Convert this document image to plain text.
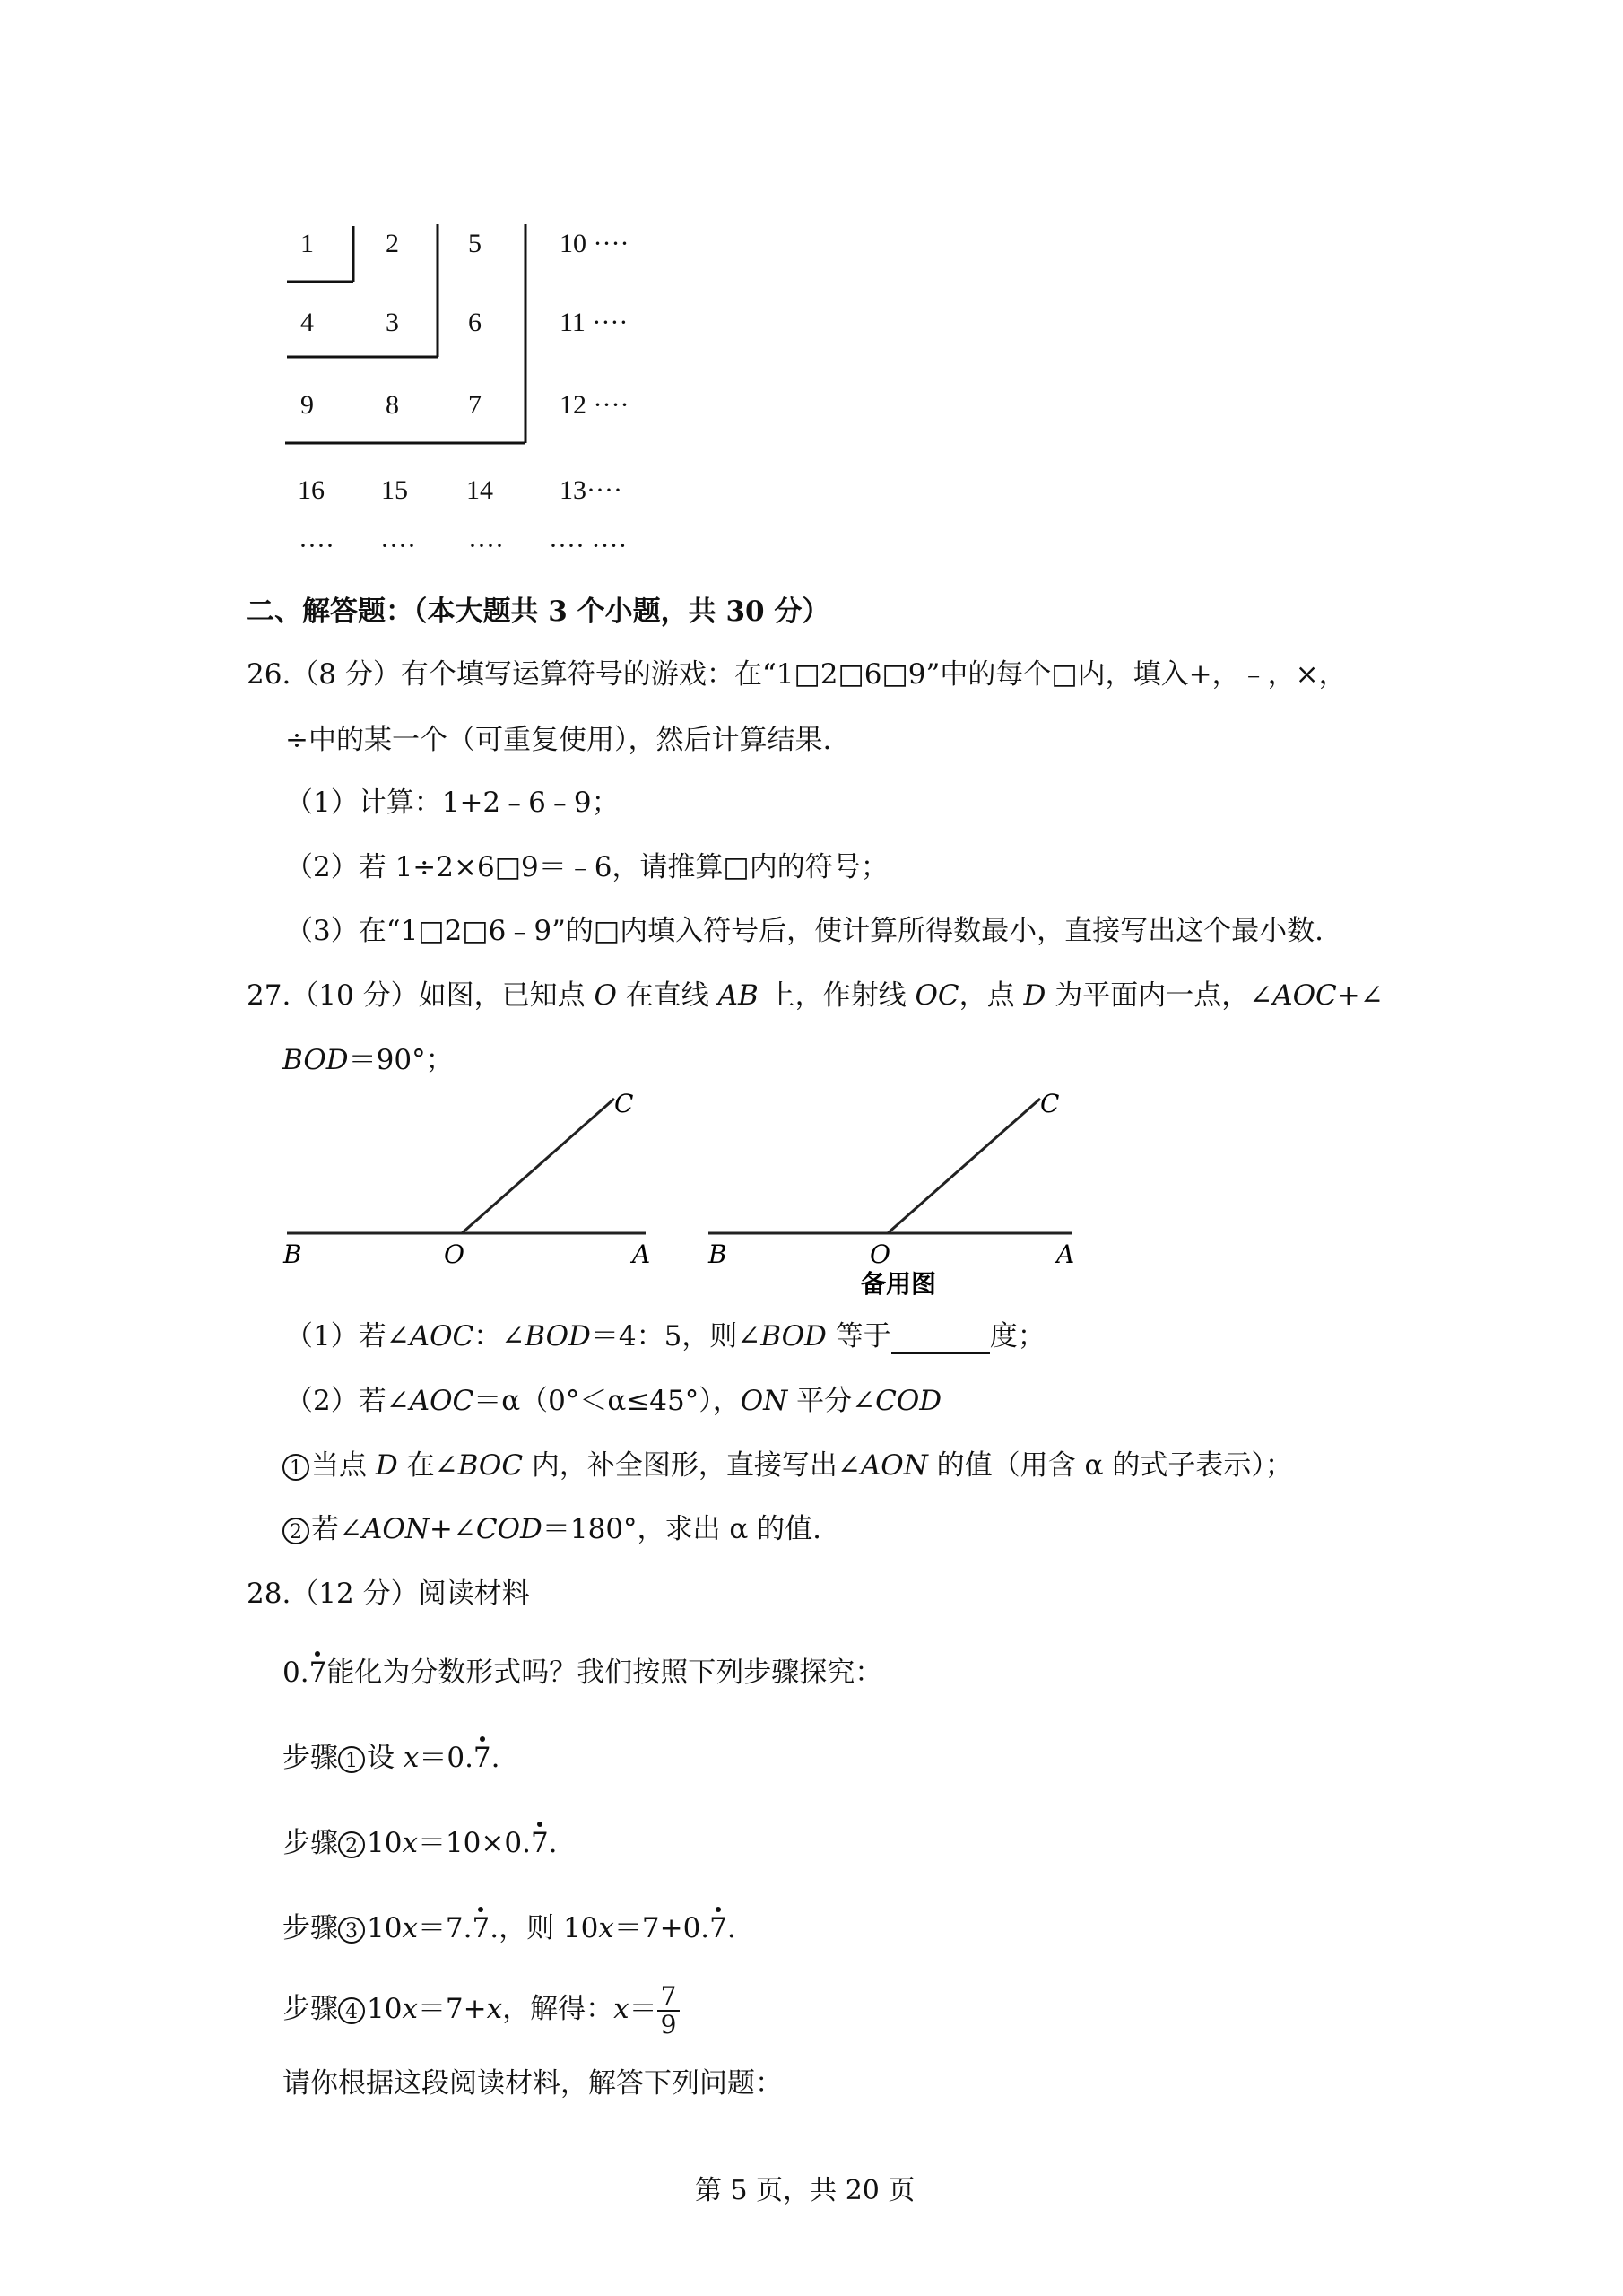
1	2	5	10 ····
4	3	6	11 ····
9	8	7	12 ····
16 15 14 13····
···· ···· ···· ···· ····
二、解答题：（本大题共 3 个小题，共 30 分）
26.（8 分）有个填写运算符号的游戏：在“1□2□6□9”中的每个□内，填入+，﹣，×，
÷中的某一个（可重复使用），然后计算结果.
（1）计算：1+2﹣6﹣9；
（2）若 1÷2×6□9＝﹣6，请推算□内的符号；
（3）在“1□2□6﹣9”的□内填入符号后，使计算所得数最小，直接写出这个最小数.
27.（10 分）如图，已知点 O 在直线 AB 上，作射线 OC，点 D 为平面内一点，∠AOC+∠
BOD＝90°；
B	O	A
C
B	O	A
C
备用图
（1）若∠AOC：∠BOD＝4：5，则∠BOD 等于	度；
（2）若∠AOC＝α（0°＜α≤45°），ON 平分∠COD
1 当点 D 在∠BOC 内，补全图形，直接写出∠AON 的值（用含 α 的式子表示）；
2 若∠AON+∠COD＝180°，求出 α 的值.
28.（12 分）阅读材料
0.7能化为分数形式吗？我们按照下列步骤探究：
步骤 1 设 x＝0.7.
步骤 2 10x＝10×0.7.
步骤 3 10x＝7.7.，则 10x＝7+0.7.
步骤 4 10x＝7+x，解得：$x= \frac{7}{9}$
请你根据这段阅读材料，解答下列问题：
第 5 页，共 20 页
